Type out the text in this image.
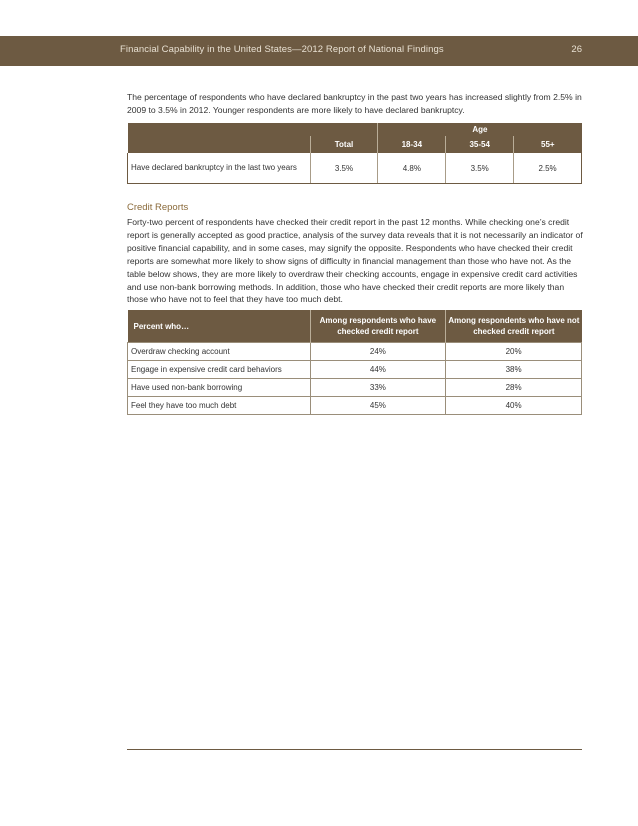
Financial Capability in the United States—2012 Report of National Findings	26

The percentage of respondents who have declared bankruptcy in the past two years has increased slightly from 2.5% in 2009 to 3.5% in 2012. Younger respondents are more likely to have declared bankruptcy.

		Age		
	Total	18-34	35-54	55+
Have declared bankruptcy in the last two years	3.5%	4.8%	3.5%	2.5%
Credit Reports

Forty-two percent of respondents have checked their credit report in the past 12 months. While checking one’s credit report is generally accepted as good practice, analysis of the survey data reveals that it is not necessarily an indicator of positive financial capability, and in some cases, may signify the opposite. Respondents who have checked their credit reports are somewhat more likely to show signs of difficulty in financial management than those who have not. As the table below shows, they are more likely to overdraw their checking accounts, engage in expensive credit card activities and use non-bank borrowing methods. In addition, those who have checked their credit reports are more likely than those who have not to feel that they have too much debt.

Percent who…	Among respondents who have checked credit report	Among respondents who have not checked credit report
Overdraw checking account	24%	20%
Engage in expensive credit card behaviors	44%	38%
Have used non-bank borrowing	33%	28%
Feel they have too much debt	45%	40%
